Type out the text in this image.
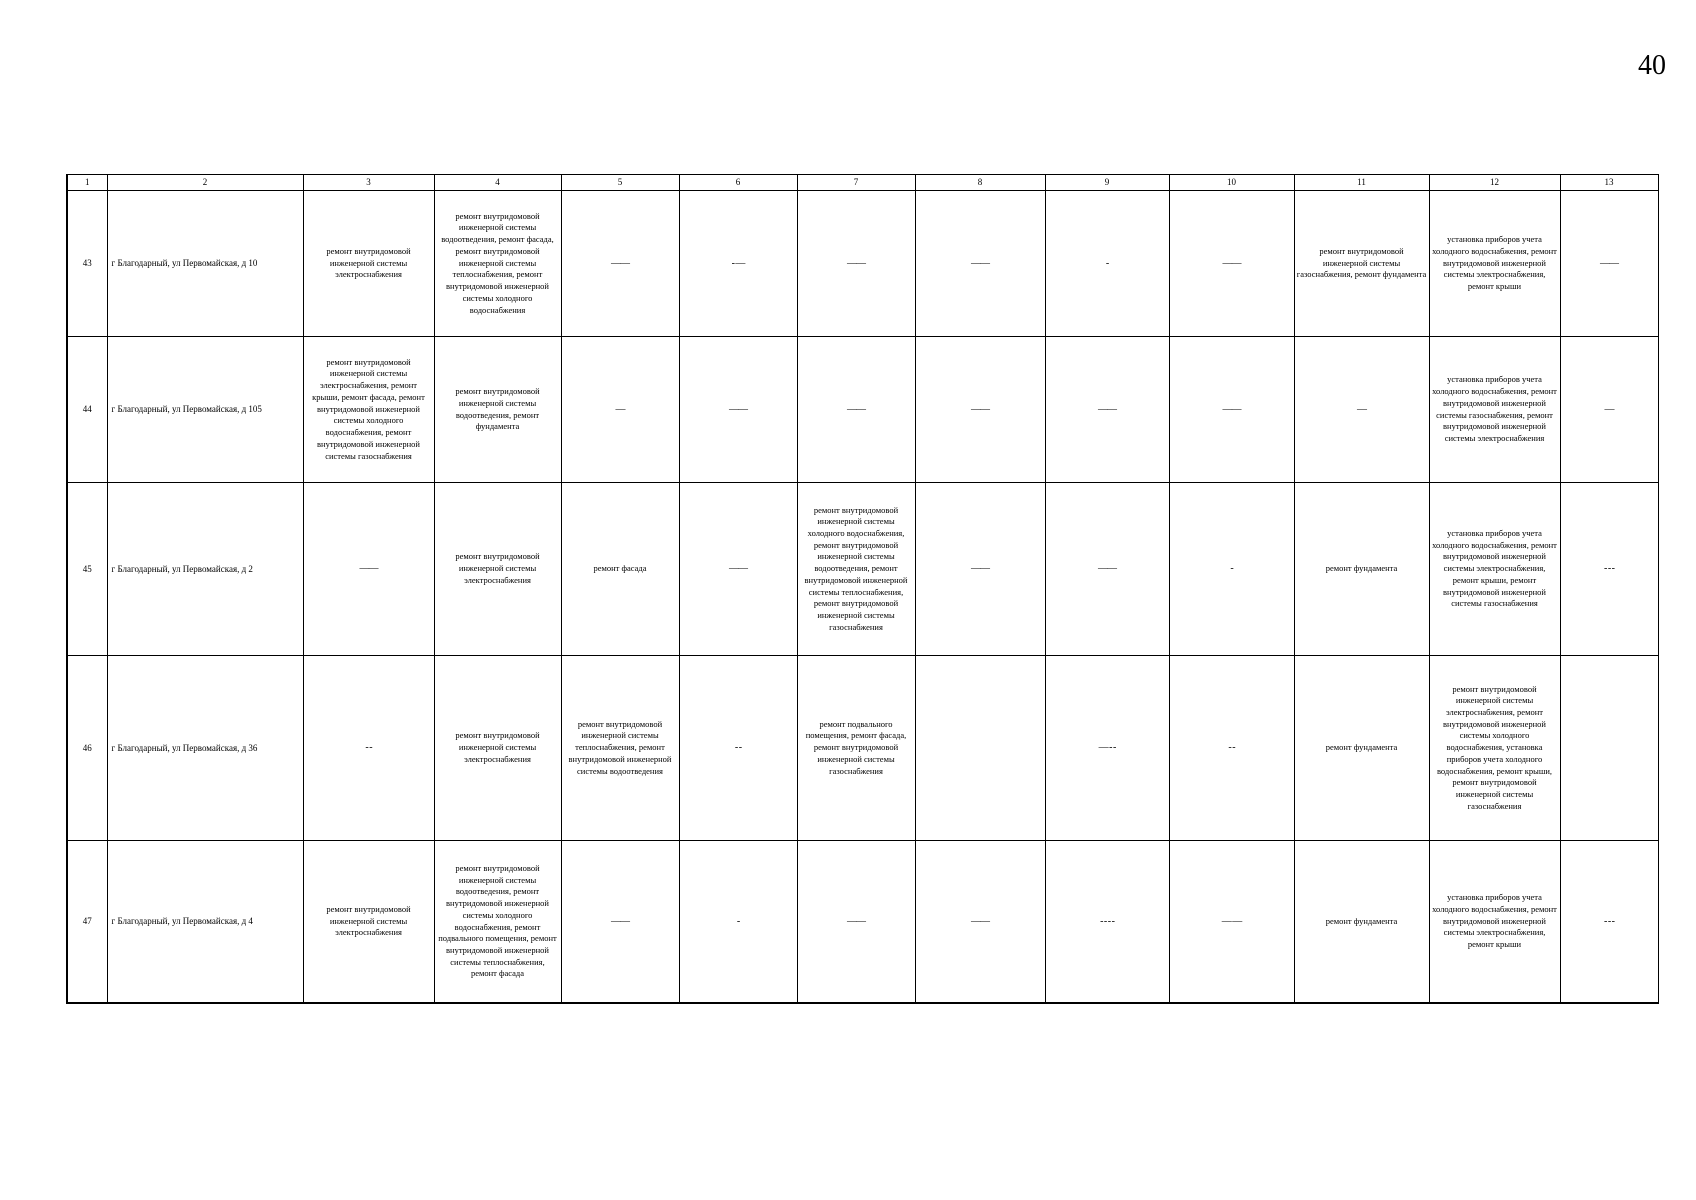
40
1	2	3	4	5	6	7	8	9	10	11	12	13
43	г Благодарный, ул Первомайская, д 10	ремонт внутридомовой инженерной системы электроснабжения	ремонт внутридомовой инженерной системы водоотведения, ремонт фасада, ремонт внутридомовой инженерной системы теплоснабжения, ремонт внутридомовой инженерной системы холодного водоснабжения	——	- —	——	——	-	——	ремонт внутридомовой инженерной системы газоснабжения, ремонт фундамента	установка приборов учета холодного водоснабжения, ремонт внутридомовой инженерной системы электроснабжения, ремонт крыши	——
44	г Благодарный, ул Первомайская, д 105	ремонт внутридомовой инженерной системы электроснабжения, ремонт крыши, ремонт фасада, ремонт внутридомовой инженерной системы холодного водоснабжения, ремонт внутридомовой инженерной системы газоснабжения	ремонт внутридомовой инженерной системы водоотведения, ремонт фундамента	—	——	——	——	——	——	—	установка приборов учета холодного водоснабжения, ремонт внутридомовой инженерной системы газоснабжения, ремонт внутридомовой инженерной системы электроснабжения	—
45	г Благодарный, ул Первомайская, д 2	——	ремонт внутридомовой инженерной системы электроснабжения	ремонт фасада	——	ремонт внутридомовой инженерной системы холодного водоснабжения, ремонт внутридомовой инженерной системы водоотведения, ремонт внутридомовой инженерной системы теплоснабжения, ремонт внутридомовой инженерной системы газоснабжения	——	——	-	ремонт фундамента	установка приборов учета холодного водоснабжения, ремонт внутридомовой инженерной системы электроснабжения, ремонт крыши, ремонт внутридомовой инженерной системы газоснабжения	- - -
46	г Благодарный, ул Первомайская, д 36	- -	ремонт внутридомовой инженерной системы электроснабжения	ремонт внутридомовой инженерной системы теплоснабжения, ремонт внутридомовой инженерной системы водоотведения	- -	ремонт подвального помещения, ремонт фасада, ремонт внутридомовой инженерной системы газоснабжения		— - -	- -	ремонт фундамента	ремонт внутридомовой инженерной системы электроснабжения, ремонт внутридомовой инженерной системы холодного водоснабжения, установка приборов учета холодного водоснабжения, ремонт крыши, ремонт внутридомовой инженерной системы газоснабжения	
47	г Благодарный, ул Первомайская, д 4	ремонт внутридомовой инженерной системы электроснабжения	ремонт внутридомовой инженерной системы водоотведения, ремонт внутридомовой инженерной системы холодного водоснабжения, ремонт подвального помещения, ремонт внутридомовой инженерной системы теплоснабжения, ремонт фасада	——	-	——	——	- - - -	— —	ремонт фундамента	установка приборов учета холодного водоснабжения, ремонт внутридомовой инженерной системы электроснабжения, ремонт крыши	- - -
